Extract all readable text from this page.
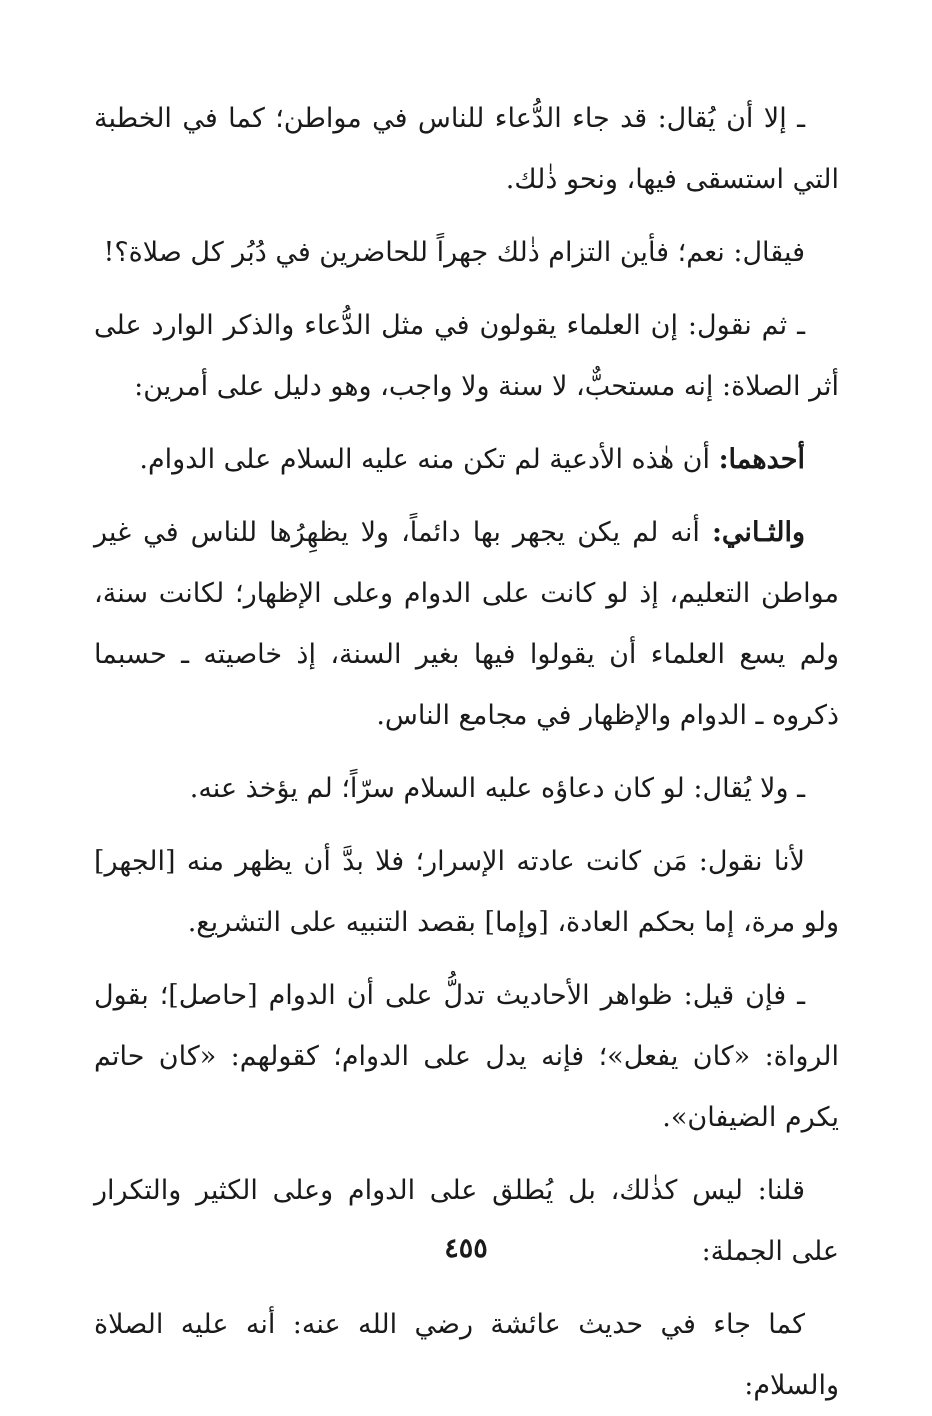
ـ إلا أن يُقال: قد جاء الدُّعاء للناس في مواطن؛ كما في الخطبة التي استسقى فيها، ونحو ذٰلك.

فيقال: نعم؛ فأين التزام ذٰلك جهراً للحاضرين في دُبُر كل صلاة؟!

ـ ثم نقول: إن العلماء يقولون في مثل الدُّعاء والذكر الوارد على أثر الصلاة: إنه مستحبٌّ، لا سنة ولا واجب، وهو دليل على أمرين:

أحدهما: أن هٰذه الأدعية لم تكن منه عليه السلام على الدوام.

والثـاني: أنه لم يكن يجهر بها دائماً، ولا يظهِرُها للناس في غير مواطن التعليم، إذ لو كانت على الدوام وعلى الإظهار؛ لكانت سنة، ولم يسع العلماء أن يقولوا فيها بغير السنة، إذ خاصيته ـ حسبما ذكروه ـ الدوام والإظهار في مجامع الناس.

ـ ولا يُقال: لو كان دعاؤه عليه السلام سرّاً؛ لم يؤخذ عنه.

لأنا نقول: مَن كانت عادته الإسرار؛ فلا بدَّ أن يظهر منه [الجهر] ولو مرة، إما بحكم العادة، [وإما] بقصد التنبيه على التشريع.

ـ فإن قيل: ظواهر الأحاديث تدلُّ على أن الدوام [حاصل]؛ بقول الرواة: «كان يفعل»؛ فإنه يدل على الدوام؛ كقولهم: «كان حاتم يكرم الضيفان».

قلنا: ليس كذٰلك، بل يُطلق على الدوام وعلى الكثير والتكرار على الجملة:

كما جاء في حديث عائشة رضي الله عنه: أنه عليه الصلاة والسلام:

٤٥٥
